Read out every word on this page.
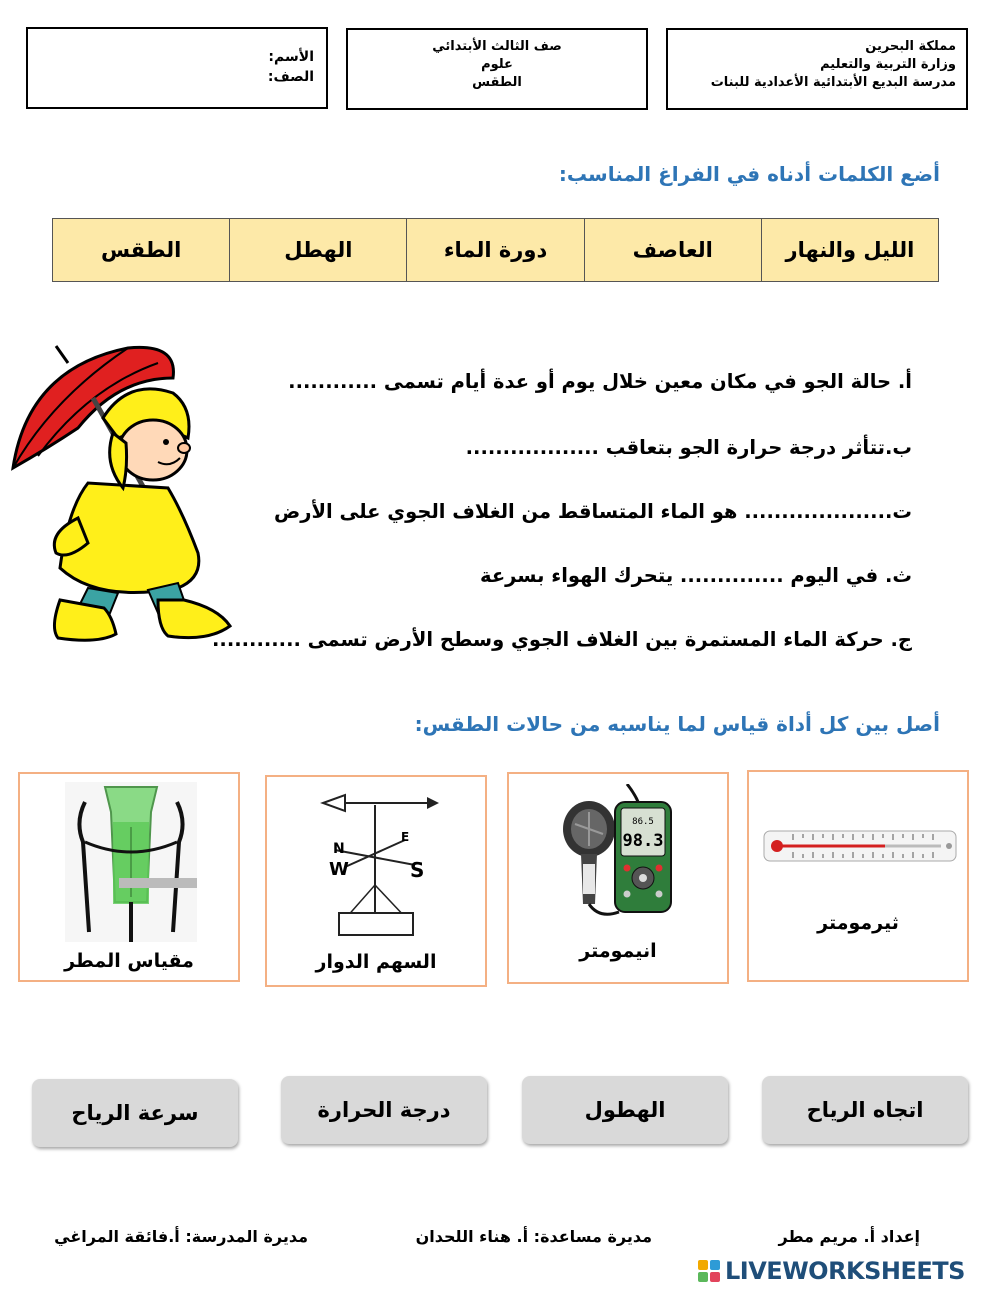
مملكة البحرين
وزارة التربية والتعليم
مدرسة البديع الأبتدائية الأعدادية للبنات
صف الثالث الأبتدائي
علوم
الطقس
الأسم:
الصف:
أضع الكلمات أدناه في الفراغ المناسب:
الليل والنهار	العاصف	دورة الماء	الهطل	الطقس
أ. حالة الجو في مكان معين خلال يوم أو عدة أيام تسمى ............
ب.تتأثر درجة حرارة الجو بتعاقب ..................
ت.................... هو الماء المتساقط من الغلاف الجوي على الأرض
ث. في اليوم .............. يتحرك الهواء بسرعة
ج. حركة الماء المستمرة بين الغلاف الجوي وسطح الأرض تسمى ............
أصل بين كل أداة قياس لما يناسبه من حالات الطقس:
مقياس المطر
N
W
E
S
السهم الدوار
86.5
98.3
انيمومتر
ثيرمومتر
سرعة الرياح	درجة الحرارة	الهطول	اتجاه الرياح
إعداد أ. مريم مطر
مديرة مساعدة: أ. هناء اللحدان
مديرة المدرسة: أ.فائقة المراغي
LIVEWORKSHEETS
